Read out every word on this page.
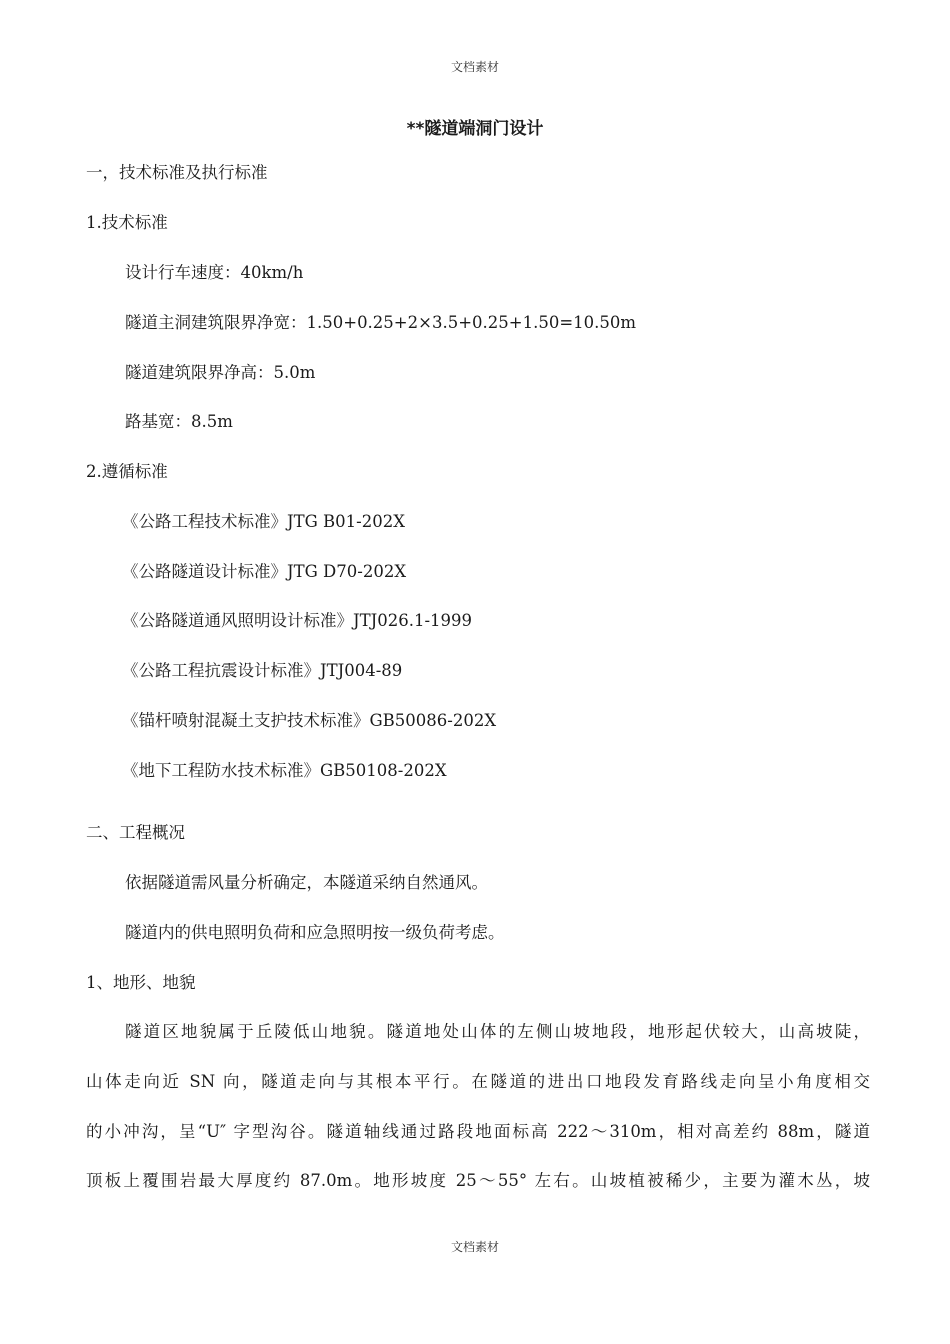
文档素材
**隧道端洞门设计
一，技术标准及执行标准
1.技术标准
设计行车速度：40km/h
隧道主洞建筑限界净宽：1.50+0.25+2×3.5+0.25+1.50=10.50m
隧道建筑限界净高：5.0m
路基宽：8.5m
2.遵循标准
《公路工程技术标准》JTG B01-202X
《公路隧道设计标准》JTG D70-202X
《公路隧道通风照明设计标准》JTJ026.1-1999
《公路工程抗震设计标准》JTJ004-89
《锚杆喷射混凝土支护技术标准》GB50086-202X
《地下工程防水技术标准》GB50108-202X
二、工程概况
依据隧道需风量分析确定，本隧道采纳自然通风。
隧道内的供电照明负荷和应急照明按一级负荷考虑。
1、地形、地貌
隧道区地貌属于丘陵低山地貌。隧道地处山体的左侧山坡地段，地形起伏较大，山高坡陡，
山体走向近 SN 向，隧道走向与其根本平行。在隧道的进出口地段发育路线走向呈小角度相交
的小冲沟，呈“U″ 字型沟谷。隧道轴线通过路段地面标高 222～310m，相对高差约 88m，隧道
顶板上覆围岩最大厚度约 87.0m。地形坡度 25～55° 左右。山坡植被稀少，主要为灌木丛，坡
文档素材
